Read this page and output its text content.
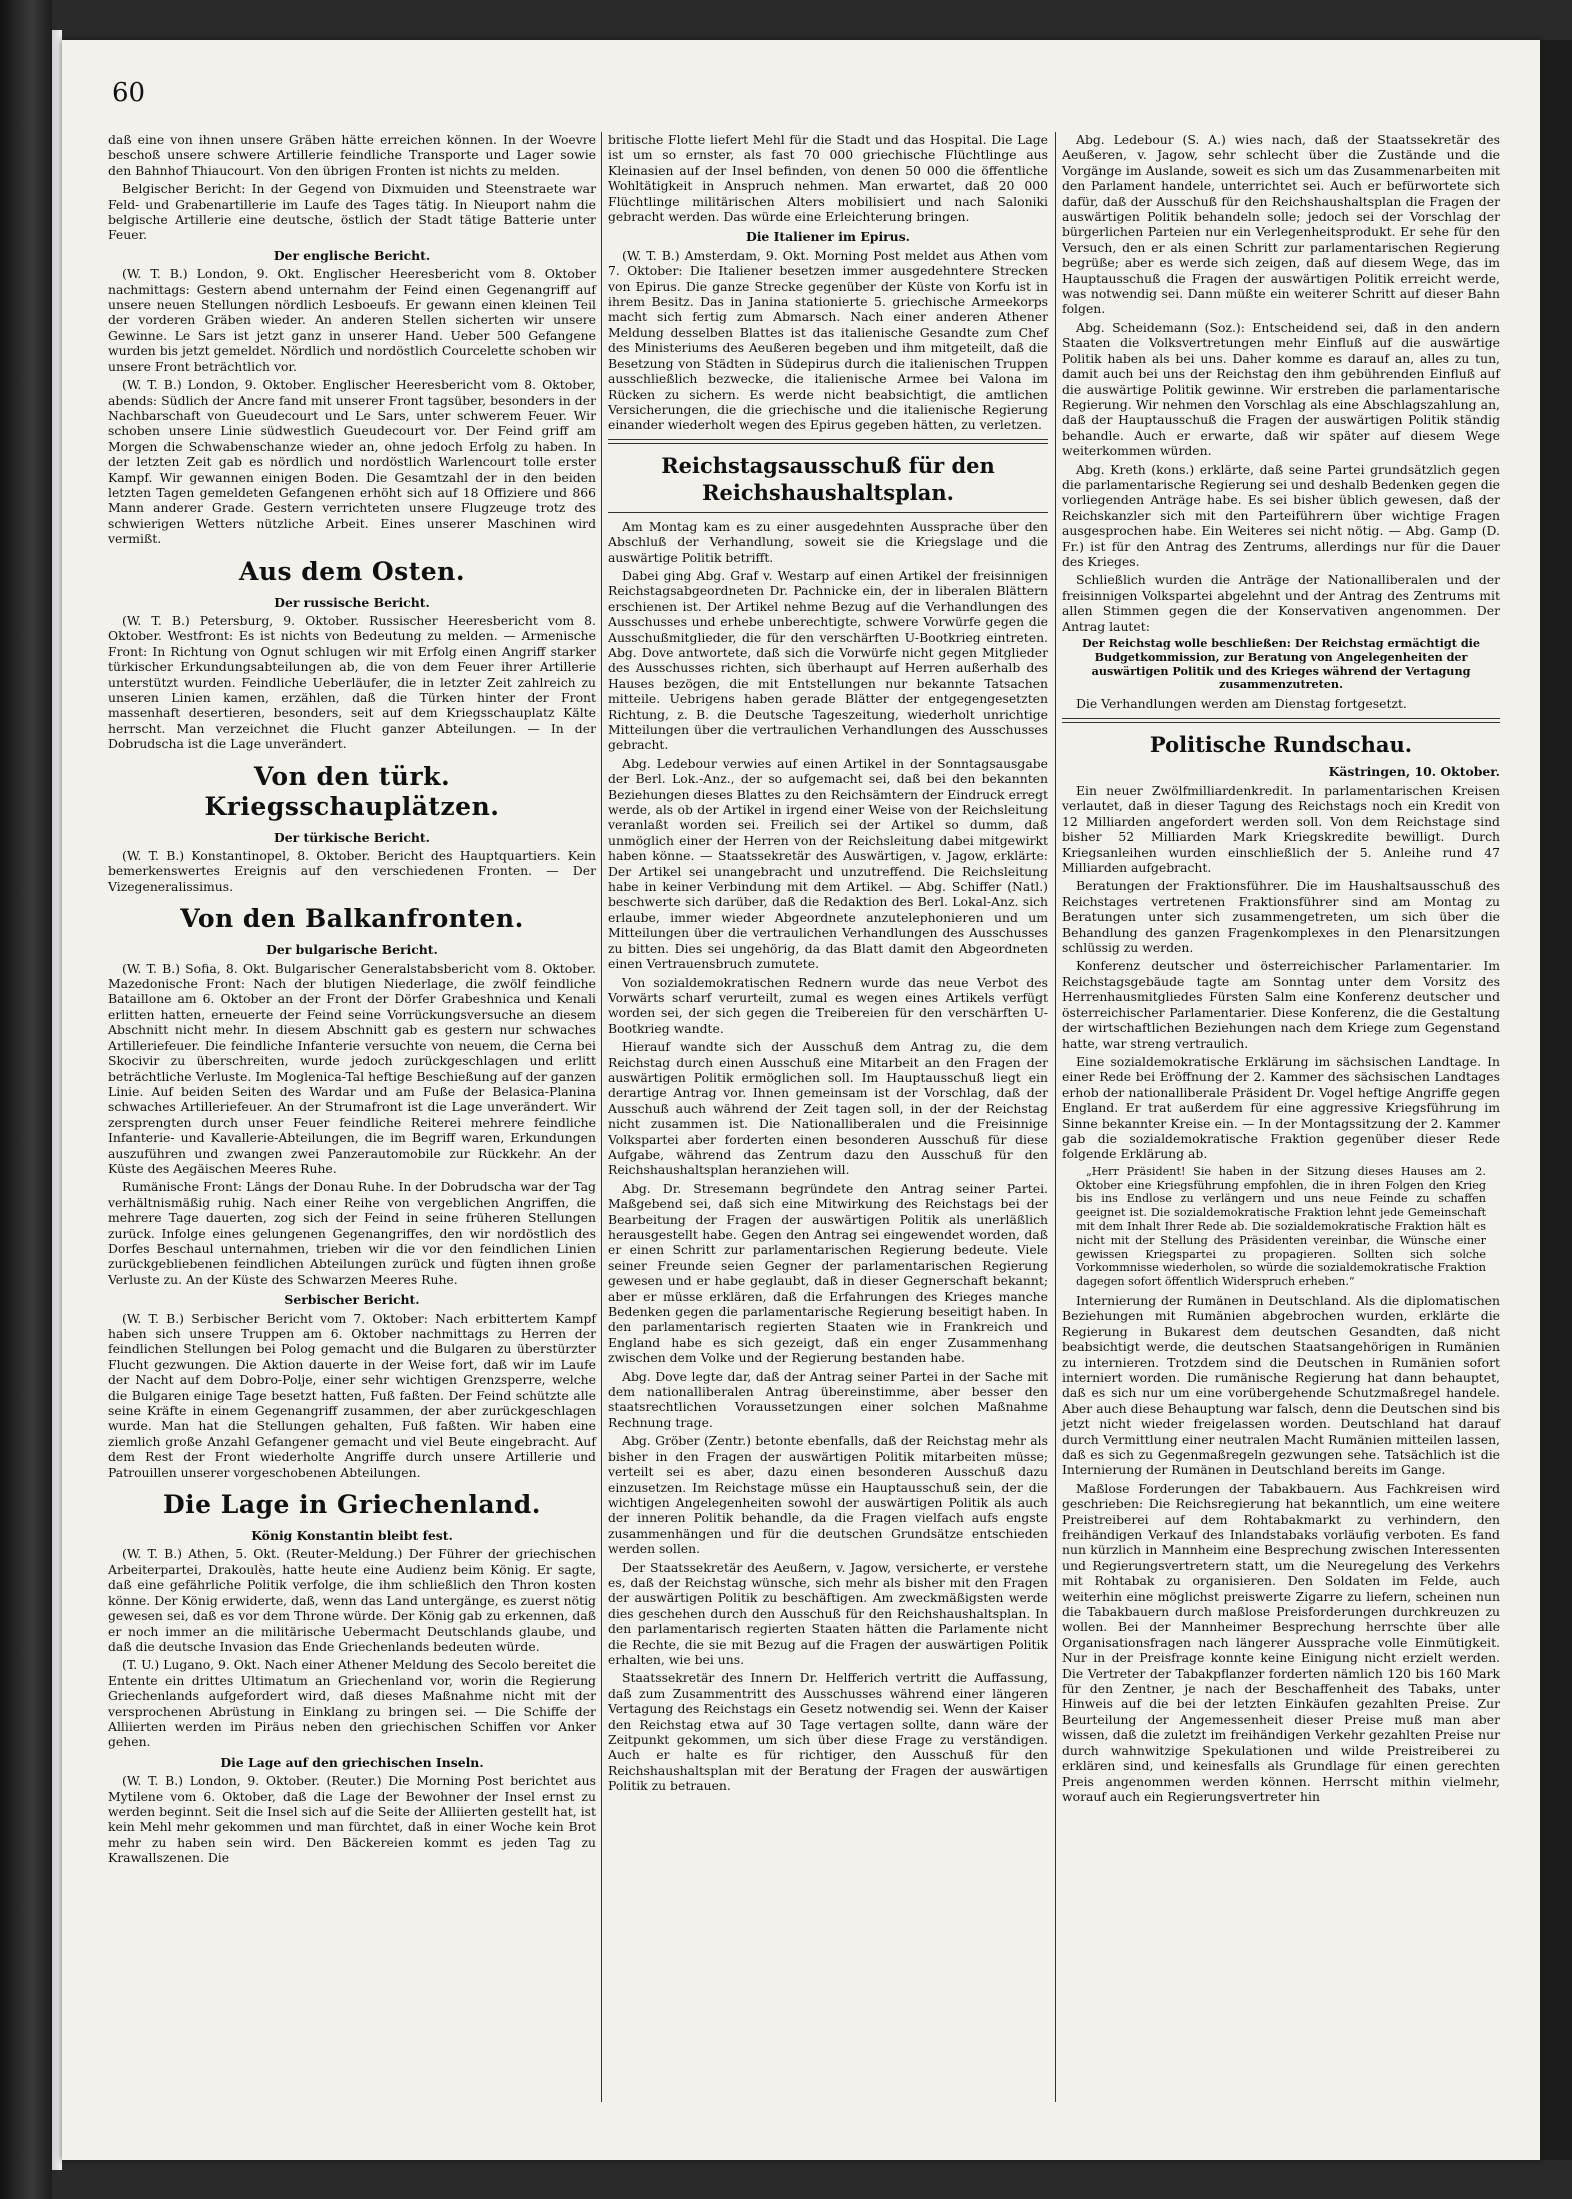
60

daß eine von ihnen unsere Gräben hätte erreichen können. In der Woevre beschoß unsere schwere Artillerie feindliche Transporte und Lager sowie den Bahnhof Thiaucourt. Von den übrigen Fronten ist nichts zu melden.

Belgischer Bericht: In der Gegend von Dixmuiden und Steenstraete war Feld- und Grabenartillerie im Laufe des Tages tätig. In Nieuport nahm die belgische Artillerie eine deutsche, östlich der Stadt tätige Batterie unter Feuer.

Der englische Bericht.

(W. T. B.) London, 9. Okt. Englischer Heeresbericht vom 8. Oktober nachmittags: Gestern abend unternahm der Feind einen Gegenangriff auf unsere neuen Stellungen nördlich Lesboeufs. Er gewann einen kleinen Teil der vorderen Gräben wieder. An anderen Stellen sicherten wir unsere Gewinne. Le Sars ist jetzt ganz in unserer Hand. Ueber 500 Gefangene wurden bis jetzt gemeldet. Nördlich und nordöstlich Courcelette schoben wir unsere Front beträchtlich vor.

(W. T. B.) London, 9. Oktober. Englischer Heeresbericht vom 8. Oktober, abends: Südlich der Ancre fand mit unserer Front tagsüber, besonders in der Nachbarschaft von Gueudecourt und Le Sars, unter schwerem Feuer. Wir schoben unsere Linie südwestlich Gueudecourt vor. Der Feind griff am Morgen die Schwabenschanze wieder an, ohne jedoch Erfolg zu haben. In der letzten Zeit gab es nördlich und nordöstlich Warlencourt tolle erster Kampf. Wir gewannen einigen Boden. Die Gesamtzahl der in den beiden letzten Tagen gemeldeten Gefangenen erhöht sich auf 18 Offiziere und 866 Mann anderer Grade. Gestern verrichteten unsere Flugzeuge trotz des schwierigen Wetters nützliche Arbeit. Eines unserer Maschinen wird vermißt.

Aus dem Osten.
Der russische Bericht.

(W. T. B.) Petersburg, 9. Oktober. Russischer Heeresbericht vom 8. Oktober. Westfront: Es ist nichts von Bedeutung zu melden. — Armenische Front: In Richtung von Ognut schlugen wir mit Erfolg einen Angriff starker türkischer Erkundungsabteilungen ab, die von dem Feuer ihrer Artillerie unterstützt wurden. Feindliche Ueberläufer, die in letzter Zeit zahlreich zu unseren Linien kamen, erzählen, daß die Türken hinter der Front massenhaft desertieren, besonders, seit auf dem Kriegsschauplatz Kälte herrscht. Man verzeichnet die Flucht ganzer Abteilungen. — In der Dobrudscha ist die Lage unverändert.

Von den türk. Kriegsschauplätzen.
Der türkische Bericht.

(W. T. B.) Konstantinopel, 8. Oktober. Bericht des Hauptquartiers. Kein bemerkenswertes Ereignis auf den verschiedenen Fronten. — Der Vizegeneralissimus.

Von den Balkanfronten.
Der bulgarische Bericht.

(W. T. B.) Sofia, 8. Okt. Bulgarischer Generalstabsbericht vom 8. Oktober. Mazedonische Front: Nach der blutigen Niederlage, die zwölf feindliche Bataillone am 6. Oktober an der Front der Dörfer Grabeshnica und Kenali erlitten hatten, erneuerte der Feind seine Vorrückungsversuche an diesem Abschnitt nicht mehr. In diesem Abschnitt gab es gestern nur schwaches Artilleriefeuer. Die feindliche Infanterie versuchte von neuem, die Cerna bei Skocivir zu überschreiten, wurde jedoch zurückgeschlagen und erlitt beträchtliche Verluste. Im Moglenica-Tal heftige Beschießung auf der ganzen Linie. Auf beiden Seiten des Wardar und am Fuße der Belasica-Planina schwaches Artilleriefeuer. An der Strumafront ist die Lage unverändert. Wir zersprengten durch unser Feuer feindliche Reiterei mehrere feindliche Infanterie- und Kavallerie-Abteilungen, die im Begriff waren, Erkundungen auszuführen und zwangen zwei Panzerautomobile zur Rückkehr. An der Küste des Aegäischen Meeres Ruhe.

Rumänische Front: Längs der Donau Ruhe. In der Dobrudscha war der Tag verhältnismäßig ruhig. Nach einer Reihe von vergeblichen Angriffen, die mehrere Tage dauerten, zog sich der Feind in seine früheren Stellungen zurück. Infolge eines gelungenen Gegenangriffes, den wir nordöstlich des Dorfes Beschaul unternahmen, trieben wir die vor den feindlichen Linien zurückgebliebenen feindlichen Abteilungen zurück und fügten ihnen große Verluste zu. An der Küste des Schwarzen Meeres Ruhe.

Serbischer Bericht.

(W. T. B.) Serbischer Bericht vom 7. Oktober: Nach erbittertem Kampf haben sich unsere Truppen am 6. Oktober nachmittags zu Herren der feindlichen Stellungen bei Polog gemacht und die Bulgaren zu überstürzter Flucht gezwungen. Die Aktion dauerte in der Weise fort, daß wir im Laufe der Nacht auf dem Dobro-Polje, einer sehr wichtigen Grenzsperre, welche die Bulgaren einige Tage besetzt hatten, Fuß faßten. Der Feind schützte alle seine Kräfte in einem Gegenangriff zusammen, der aber zurückgeschlagen wurde. Man hat die Stellungen gehalten, Fuß faßten. Wir haben eine ziemlich große Anzahl Gefangener gemacht und viel Beute eingebracht. Auf dem Rest der Front wiederholte Angriffe durch unsere Artillerie und Patrouillen unserer vorgeschobenen Abteilungen.

Die Lage in Griechenland.
König Konstantin bleibt fest.

(W. T. B.) Athen, 5. Okt. (Reuter-Meldung.) Der Führer der griechischen Arbeiterpartei, Drakoulès, hatte heute eine Audienz beim König. Er sagte, daß eine gefährliche Politik verfolge, die ihm schließlich den Thron kosten könne. Der König erwiderte, daß, wenn das Land untergänge, es zuerst nötig gewesen sei, daß es vor dem Throne würde. Der König gab zu erkennen, daß er noch immer an die militärische Uebermacht Deutschlands glaube, und daß die deutsche Invasion das Ende Griechenlands bedeuten würde.

(T. U.) Lugano, 9. Okt. Nach einer Athener Meldung des Secolo bereitet die Entente ein drittes Ultimatum an Griechenland vor, worin die Regierung Griechenlands aufgefordert wird, daß dieses Maßnahme nicht mit der versprochenen Abrüstung in Einklang zu bringen sei. — Die Schiffe der Alliierten werden im Piräus neben den griechischen Schiffen vor Anker gehen.

Die Lage auf den griechischen Inseln.

(W. T. B.) London, 9. Oktober. (Reuter.) Die Morning Post berichtet aus Mytilene vom 6. Oktober, daß die Lage der Bewohner der Insel ernst zu werden beginnt. Seit die Insel sich auf die Seite der Alliierten gestellt hat, ist kein Mehl mehr gekommen und man fürchtet, daß in einer Woche kein Brot mehr zu haben sein wird. Den Bäckereien kommt es jeden Tag zu Krawallszenen. Die

britische Flotte liefert Mehl für die Stadt und das Hospital. Die Lage ist um so ernster, als fast 70 000 griechische Flüchtlinge aus Kleinasien auf der Insel befinden, von denen 50 000 die öffentliche Wohltätigkeit in Anspruch nehmen. Man erwartet, daß 20 000 Flüchtlinge militärischen Alters mobilisiert und nach Saloniki gebracht werden. Das würde eine Erleichterung bringen.

Die Italiener im Epirus.

(W. T. B.) Amsterdam, 9. Okt. Morning Post meldet aus Athen vom 7. Oktober: Die Italiener besetzen immer ausgedehntere Strecken von Epirus. Die ganze Strecke gegenüber der Küste von Korfu ist in ihrem Besitz. Das in Janina stationierte 5. griechische Armeekorps macht sich fertig zum Abmarsch. Nach einer anderen Athener Meldung desselben Blattes ist das italienische Gesandte zum Chef des Ministeriums des Aeußeren begeben und ihm mitgeteilt, daß die Besetzung von Städten in Südepirus durch die italienischen Truppen ausschließlich bezwecke, die italienische Armee bei Valona im Rücken zu sichern. Es werde nicht beabsichtigt, die amtlichen Versicherungen, die die griechische und die italienische Regierung einander wiederholt wegen des Epirus gegeben hätten, zu verletzen.

Reichstagsausschuß für den Reichshaushaltsplan.

Am Montag kam es zu einer ausgedehnten Aussprache über den Abschluß der Verhandlung, soweit sie die Kriegslage und die auswärtige Politik betrifft.

Dabei ging Abg. Graf v. Westarp auf einen Artikel der freisinnigen Reichstagsabgeordneten Dr. Pachnicke ein, der in liberalen Blättern erschienen ist. Der Artikel nehme Bezug auf die Verhandlungen des Ausschusses und erhebe unberechtigte, schwere Vorwürfe gegen die Ausschußmitglieder, die für den verschärften U-Bootkrieg eintreten. Abg. Dove antwortete, daß sich die Vorwürfe nicht gegen Mitglieder des Ausschusses richten, sich überhaupt auf Herren außerhalb des Hauses bezögen, die mit Entstellungen nur bekannte Tatsachen mitteile. Uebrigens haben gerade Blätter der entgegengesetzten Richtung, z. B. die Deutsche Tageszeitung, wiederholt unrichtige Mitteilungen über die vertraulichen Verhandlungen des Ausschusses gebracht.

Abg. Ledebour verwies auf einen Artikel in der Sonntagsausgabe der Berl. Lok.-Anz., der so aufgemacht sei, daß bei den bekannten Beziehungen dieses Blattes zu den Reichsämtern der Eindruck erregt werde, als ob der Artikel in irgend einer Weise von der Reichsleitung veranlaßt worden sei. Freilich sei der Artikel so dumm, daß unmöglich einer der Herren von der Reichsleitung dabei mitgewirkt haben könne. — Staatssekretär des Auswärtigen, v. Jagow, erklärte: Der Artikel sei unangebracht und unzutreffend. Die Reichsleitung habe in keiner Verbindung mit dem Artikel. — Abg. Schiffer (Natl.) beschwerte sich darüber, daß die Redaktion des Berl. Lokal-Anz. sich erlaube, immer wieder Abgeordnete anzutelephonieren und um Mitteilungen über die vertraulichen Verhandlungen des Ausschusses zu bitten. Dies sei ungehörig, da das Blatt damit den Abgeordneten einen Vertrauensbruch zumutete.

Von sozialdemokratischen Rednern wurde das neue Verbot des Vorwärts scharf verurteilt, zumal es wegen eines Artikels verfügt worden sei, der sich gegen die Treibereien für den verschärften U-Bootkrieg wandte.

Hierauf wandte sich der Ausschuß dem Antrag zu, die dem Reichstag durch einen Ausschuß eine Mitarbeit an den Fragen der auswärtigen Politik ermöglichen soll. Im Hauptausschuß liegt ein derartige Antrag vor. Ihnen gemeinsam ist der Vorschlag, daß der Ausschuß auch während der Zeit tagen soll, in der der Reichstag nicht zusammen ist. Die Nationalliberalen und die Freisinnige Volkspartei aber forderten einen besonderen Ausschuß für diese Aufgabe, während das Zentrum dazu den Ausschuß für den Reichshaushaltsplan heranziehen will.

Abg. Dr. Stresemann begründete den Antrag seiner Partei. Maßgebend sei, daß sich eine Mitwirkung des Reichstags bei der Bearbeitung der Fragen der auswärtigen Politik als unerläßlich herausgestellt habe. Gegen den Antrag sei eingewendet worden, daß er einen Schritt zur parlamentarischen Regierung bedeute. Viele seiner Freunde seien Gegner der parlamentarischen Regierung gewesen und er habe geglaubt, daß in dieser Gegnerschaft bekannt; aber er müsse erklären, daß die Erfahrungen des Krieges manche Bedenken gegen die parlamentarische Regierung beseitigt haben. In den parlamentarisch regierten Staaten wie in Frankreich und England habe es sich gezeigt, daß ein enger Zusammenhang zwischen dem Volke und der Regierung bestanden habe.

Abg. Dove legte dar, daß der Antrag seiner Partei in der Sache mit dem nationalliberalen Antrag übereinstimme, aber besser den staatsrechtlichen Voraussetzungen einer solchen Maßnahme Rechnung trage.

Abg. Gröber (Zentr.) betonte ebenfalls, daß der Reichstag mehr als bisher in den Fragen der auswärtigen Politik mitarbeiten müsse; verteilt sei es aber, dazu einen besonderen Ausschuß dazu einzusetzen. Im Reichstage müsse ein Hauptausschuß sein, der die wichtigen Angelegenheiten sowohl der auswärtigen Politik als auch der inneren Politik behandle, da die Fragen vielfach aufs engste zusammenhängen und für die deutschen Grundsätze entschieden werden sollen.

Der Staatssekretär des Aeußern, v. Jagow, versicherte, er verstehe es, daß der Reichstag wünsche, sich mehr als bisher mit den Fragen der auswärtigen Politik zu beschäftigen. Am zweckmäßigsten werde dies geschehen durch den Ausschuß für den Reichshaushaltsplan. In den parlamentarisch regierten Staaten hätten die Parlamente nicht die Rechte, die sie mit Bezug auf die Fragen der auswärtigen Politik erhalten, wie bei uns.

Staatssekretär des Innern Dr. Helfferich vertritt die Auffassung, daß zum Zusammentritt des Ausschusses während einer längeren Vertagung des Reichstags ein Gesetz notwendig sei. Wenn der Kaiser den Reichstag etwa auf 30 Tage vertagen sollte, dann wäre der Zeitpunkt gekommen, um sich über diese Frage zu verständigen. Auch er halte es für richtiger, den Ausschuß für den Reichshaushaltsplan mit der Beratung der Fragen der auswärtigen Politik zu betrauen.

Abg. Ledebour (S. A.) wies nach, daß der Staatssekretär des Aeußeren, v. Jagow, sehr schlecht über die Zustände und die Vorgänge im Auslande, soweit es sich um das Zusammenarbeiten mit den Parlament handele, unterrichtet sei. Auch er befürwortete sich dafür, daß der Ausschuß für den Reichshaushaltsplan die Fragen der auswärtigen Politik behandeln solle; jedoch sei der Vorschlag der bürgerlichen Parteien nur ein Verlegenheitsprodukt. Er sehe für den Versuch, den er als einen Schritt zur parlamentarischen Regierung begrüße; aber es werde sich zeigen, daß auf diesem Wege, das im Hauptausschuß die Fragen der auswärtigen Politik erreicht werde, was notwendig sei. Dann müßte ein weiterer Schritt auf dieser Bahn folgen.

Abg. Scheidemann (Soz.): Entscheidend sei, daß in den andern Staaten die Volksvertretungen mehr Einfluß auf die auswärtige Politik haben als bei uns. Daher komme es darauf an, alles zu tun, damit auch bei uns der Reichstag den ihm gebührenden Einfluß auf die auswärtige Politik gewinne. Wir erstreben die parlamentarische Regierung. Wir nehmen den Vorschlag als eine Abschlagszahlung an, daß der Hauptausschuß die Fragen der auswärtigen Politik ständig behandle. Auch er erwarte, daß wir später auf diesem Wege weiterkommen würden.

Abg. Kreth (kons.) erklärte, daß seine Partei grundsätzlich gegen die parlamentarische Regierung sei und deshalb Bedenken gegen die vorliegenden Anträge habe. Es sei bisher üblich gewesen, daß der Reichskanzler sich mit den Parteiführern über wichtige Fragen ausgesprochen habe. Ein Weiteres sei nicht nötig. — Abg. Gamp (D. Fr.) ist für den Antrag des Zentrums, allerdings nur für die Dauer des Krieges.

Schließlich wurden die Anträge der Nationalliberalen und der freisinnigen Volkspartei abgelehnt und der Antrag des Zentrums mit allen Stimmen gegen die der Konservativen angenommen. Der Antrag lautet:

Der Reichstag wolle beschließen: Der Reichstag ermächtigt die Budgetkommission, zur Beratung von Angelegenheiten der auswärtigen Politik und des Krieges während der Vertagung zusammenzutreten.

Die Verhandlungen werden am Dienstag fortgesetzt.

Politische Rundschau.
Kästringen, 10. Oktober.

Ein neuer Zwölfmilliardenkredit. In parlamentarischen Kreisen verlautet, daß in dieser Tagung des Reichstags noch ein Kredit von 12 Milliarden angefordert werden soll. Von dem Reichstage sind bisher 52 Milliarden Mark Kriegskredite bewilligt. Durch Kriegsanleihen wurden einschließlich der 5. Anleihe rund 47 Milliarden aufgebracht.

Beratungen der Fraktionsführer. Die im Haushaltsausschuß des Reichstages vertretenen Fraktionsführer sind am Montag zu Beratungen unter sich zusammengetreten, um sich über die Behandlung des ganzen Fragenkomplexes in den Plenarsitzungen schlüssig zu werden.

Konferenz deutscher und österreichischer Parlamentarier. Im Reichstagsgebäude tagte am Sonntag unter dem Vorsitz des Herrenhausmitgliedes Fürsten Salm eine Konferenz deutscher und österreichischer Parlamentarier. Diese Konferenz, die die Gestaltung der wirtschaftlichen Beziehungen nach dem Kriege zum Gegenstand hatte, war streng vertraulich.

Eine sozialdemokratische Erklärung im sächsischen Landtage. In einer Rede bei Eröffnung der 2. Kammer des sächsischen Landtages erhob der nationalliberale Präsident Dr. Vogel heftige Angriffe gegen England. Er trat außerdem für eine aggressive Kriegsführung im Sinne bekannter Kreise ein. — In der Montagssitzung der 2. Kammer gab die sozialdemokratische Fraktion gegenüber dieser Rede folgende Erklärung ab.

„Herr Präsident! Sie haben in der Sitzung dieses Hauses am 2. Oktober eine Kriegsführung empfohlen, die in ihren Folgen den Krieg bis ins Endlose zu verlängern und uns neue Feinde zu schaffen geeignet ist. Die sozialdemokratische Fraktion lehnt jede Gemeinschaft mit dem Inhalt Ihrer Rede ab. Die sozialdemokratische Fraktion hält es nicht mit der Stellung des Präsidenten vereinbar, die Wünsche einer gewissen Kriegspartei zu propagieren. Sollten sich solche Vorkommnisse wiederholen, so würde die sozialdemokratische Fraktion dagegen sofort öffentlich Widerspruch erheben.“

Internierung der Rumänen in Deutschland. Als die diplomatischen Beziehungen mit Rumänien abgebrochen wurden, erklärte die Regierung in Bukarest dem deutschen Gesandten, daß nicht beabsichtigt werde, die deutschen Staatsangehörigen in Rumänien zu internieren. Trotzdem sind die Deutschen in Rumänien sofort interniert worden. Die rumänische Regierung hat dann behauptet, daß es sich nur um eine vorübergehende Schutzmaßregel handele. Aber auch diese Behauptung war falsch, denn die Deutschen sind bis jetzt nicht wieder freigelassen worden. Deutschland hat darauf durch Vermittlung einer neutralen Macht Rumänien mitteilen lassen, daß es sich zu Gegenmaßregeln gezwungen sehe. Tatsächlich ist die Internierung der Rumänen in Deutschland bereits im Gange.

Maßlose Forderungen der Tabakbauern. Aus Fachkreisen wird geschrieben: Die Reichsregierung hat bekanntlich, um eine weitere Preistreiberei auf dem Rohtabakmarkt zu verhindern, den freihändigen Verkauf des Inlandstabaks vorläufig verboten. Es fand nun kürzlich in Mannheim eine Besprechung zwischen Interessenten und Regierungsvertretern statt, um die Neuregelung des Verkehrs mit Rohtabak zu organisieren. Den Soldaten im Felde, auch weiterhin eine möglichst preiswerte Zigarre zu liefern, scheinen nun die Tabakbauern durch maßlose Preisforderungen durchkreuzen zu wollen. Bei der Mannheimer Besprechung herrschte über alle Organisationsfragen nach längerer Aussprache volle Einmütigkeit. Nur in der Preisfrage konnte keine Einigung nicht erzielt werden. Die Vertreter der Tabakpflanzer forderten nämlich 120 bis 160 Mark für den Zentner, je nach der Beschaffenheit des Tabaks, unter Hinweis auf die bei der letzten Einkäufen gezahlten Preise. Zur Beurteilung der Angemessenheit dieser Preise muß man aber wissen, daß die zuletzt im freihändigen Verkehr gezahlten Preise nur durch wahnwitzige Spekulationen und wilde Preistreiberei zu erklären sind, und keinesfalls als Grundlage für einen gerechten Preis angenommen werden können. Herrscht mithin vielmehr, worauf auch ein Regierungsvertreter hin
